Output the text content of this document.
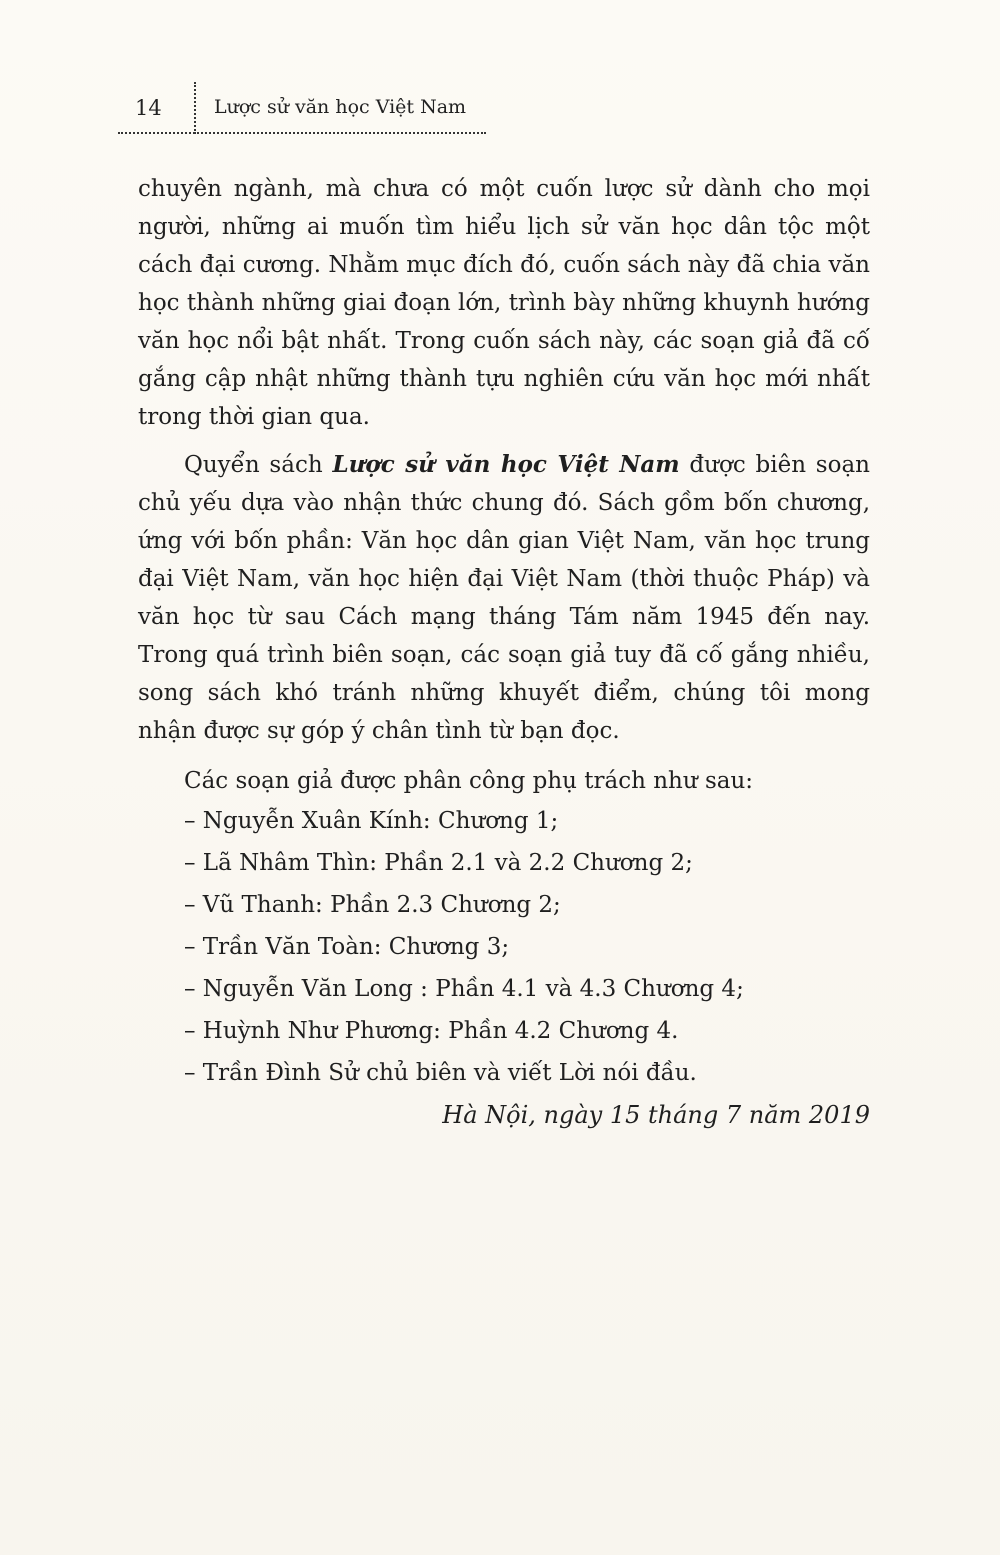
14	Lược sử văn học Việt Nam

chuyên ngành, mà chưa có một cuốn lược sử dành cho mọi người, những ai muốn tìm hiểu lịch sử văn học dân tộc một cách đại cương. Nhằm mục đích đó, cuốn sách này đã chia văn học thành những giai đoạn lớn, trình bày những khuynh hướng văn học nổi bật nhất. Trong cuốn sách này, các soạn giả đã cố gắng cập nhật những thành tựu nghiên cứu văn học mới nhất trong thời gian qua.

Quyển sách Lược sử văn học Việt Nam được biên soạn chủ yếu dựa vào nhận thức chung đó. Sách gồm bốn chương, ứng với bốn phần: Văn học dân gian Việt Nam, văn học trung đại Việt Nam, văn học hiện đại Việt Nam (thời thuộc Pháp) và văn học từ sau Cách mạng tháng Tám năm 1945 đến nay. Trong quá trình biên soạn, các soạn giả tuy đã cố gắng nhiều, song sách khó tránh những khuyết điểm, chúng tôi mong nhận được sự góp ý chân tình từ bạn đọc.

Các soạn giả được phân công phụ trách như sau:

– Nguyễn Xuân Kính: Chương 1;
– Lã Nhâm Thìn: Phần 2.1 và 2.2 Chương 2;
– Vũ Thanh: Phần 2.3 Chương 2;
– Trần Văn Toàn: Chương 3;
– Nguyễn Văn Long : Phần 4.1 và 4.3 Chương 4;
– Huỳnh Như Phương: Phần 4.2 Chương 4.
– Trần Đình Sử chủ biên và viết Lời nói đầu.
Hà Nội, ngày 15 tháng 7 năm 2019
